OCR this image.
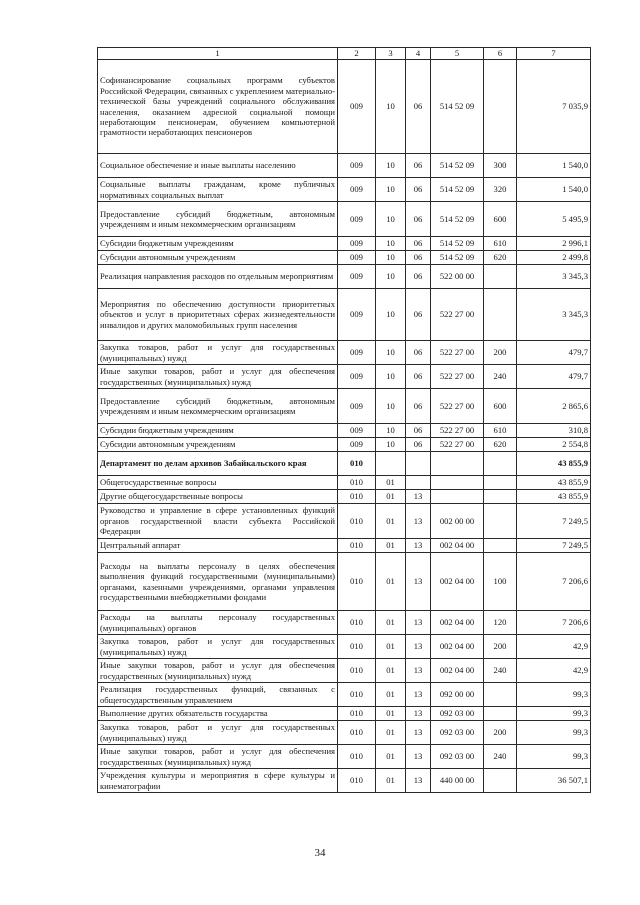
1	2	3	4	5	6	7
Софинансирование социальных программ субъектов Российской Федерации, связанных с укреплением материально-технической базы учреждений социального обслуживания населения, оказанием адресной социальной помощи неработающим пенсионерам, обучением компьютерной грамотности неработающих пенсионеров	009	10	06	514 52 09		7 035,9
Социальное обеспечение и иные выплаты населению	009	10	06	514 52 09	300	1 540,0
Социальные выплаты гражданам, кроме публичных нормативных социальных выплат	009	10	06	514 52 09	320	1 540,0
Предоставление субсидий бюджетным, автономным учреждениям и иным некоммерческим организациям	009	10	06	514 52 09	600	5 495,9
Субсидии бюджетным учреждениям	009	10	06	514 52 09	610	2 996,1
Субсидии автономным учреждениям	009	10	06	514 52 09	620	2 499,8
Реализация направления расходов по отдельным мероприятиям	009	10	06	522 00 00		3 345,3
Мероприятия по обеспечению доступности приоритетных объектов и услуг в приоритетных сферах жизнедеятельности инвалидов и других маломобильных групп населения	009	10	06	522 27 00		3 345,3
Закупка товаров, работ и услуг для государственных (муниципальных) нужд	009	10	06	522 27 00	200	479,7
Иные закупки товаров, работ и услуг для обеспечения государственных (муниципальных) нужд	009	10	06	522 27 00	240	479,7
Предоставление субсидий бюджетным, автономным учреждениям и иным некоммерческим организациям	009	10	06	522 27 00	600	2 865,6
Субсидии бюджетным учреждениям	009	10	06	522 27 00	610	310,8
Субсидии автономным учреждениям	009	10	06	522 27 00	620	2 554,8
Департамент по делам архивов Забайкальского края	010					43 855,9
Общегосударственные вопросы	010	01				43 855,9
Другие общегосударственные вопросы	010	01	13			43 855,9
Руководство и управление в сфере установленных функций органов государственной власти субъекта Российской Федерации	010	01	13	002 00 00		7 249,5
Центральный аппарат	010	01	13	002 04 00		7 249,5
Расходы на выплаты персоналу в целях обеспечения выполнения функций государственными (муниципальными) органами, казенными учреждениями, органами управления государственными внебюджетными фондами	010	01	13	002 04 00	100	7 206,6
Расходы на выплаты персоналу государственных (муниципальных) органов	010	01	13	002 04 00	120	7 206,6
Закупка товаров, работ и услуг для государственных (муниципальных) нужд	010	01	13	002 04 00	200	42,9
Иные закупки товаров, работ и услуг для обеспечения государственных (муниципальных) нужд	010	01	13	002 04 00	240	42,9
Реализация государственных функций, связанных с общегосударственным управлением	010	01	13	092 00 00		99,3
Выполнение других обязательств государства	010	01	13	092 03 00		99,3
Закупка товаров, работ и услуг для государственных (муниципальных) нужд	010	01	13	092 03 00	200	99,3
Иные закупки товаров, работ и услуг для обеспечения государственных (муниципальных) нужд	010	01	13	092 03 00	240	99,3
Учреждения культуры и мероприятия в сфере культуры и кинематографии	010	01	13	440 00 00		36 507,1
34
